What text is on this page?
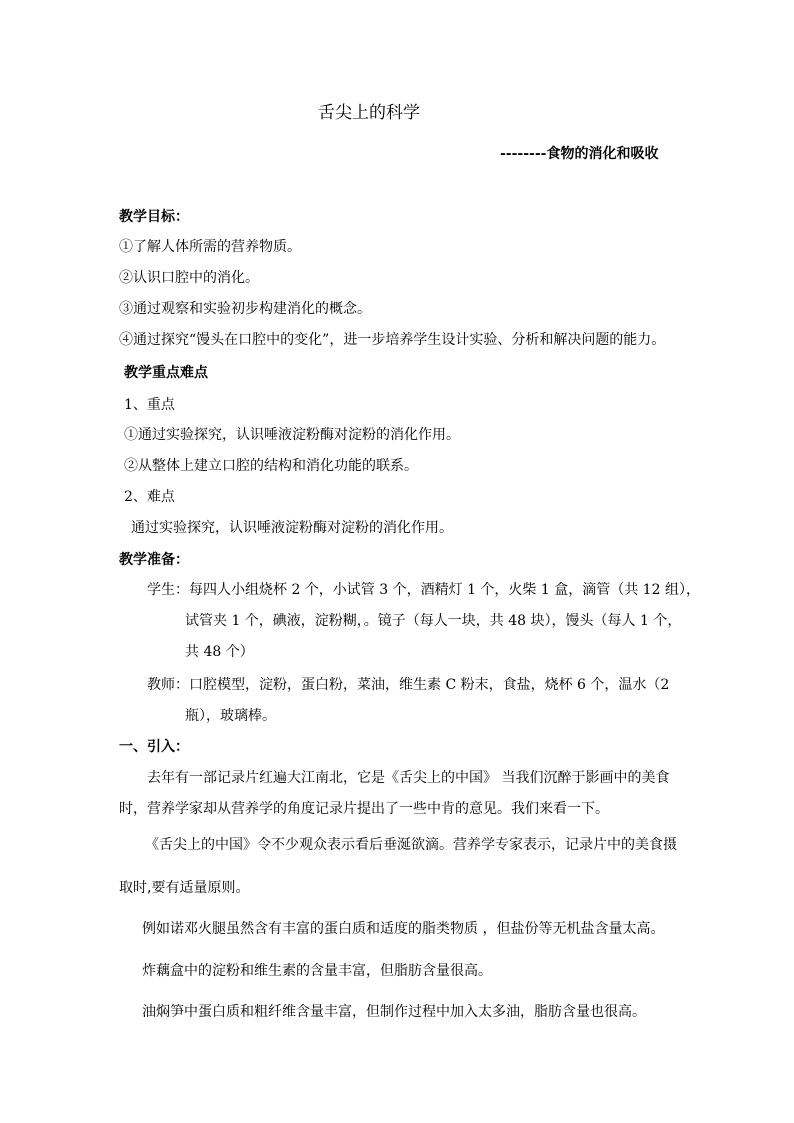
舌尖上的科学
--------食物的消化和吸收
教学目标：
①了解人体所需的营养物质。
②认识口腔中的消化。
③通过观察和实验初步构建消化的概念。
④通过探究“馒头在口腔中的变化”，进一步培养学生设计实验、分析和解决问题的能力。
教学重点难点
1、重点
①通过实验探究，认识唾液淀粉酶对淀粉的消化作用。
②从整体上建立口腔的结构和消化功能的联系。
2、难点
通过实验探究，认识唾液淀粉酶对淀粉的消化作用。
教学准备：
学生：每四人小组烧杯 2 个，小试管 3 个，酒精灯 1 个，火柴 1 盒，滴管（共 12 组），
试管夹 1 个，碘液，淀粉糊，。镜子（每人一块，共 48 块），馒头（每人 1 个，
共 48 个）
教师：口腔模型，淀粉，蛋白粉，菜油，维生素 C 粉末，食盐，烧杯 6 个，温水（2
瓶），玻璃棒。
一、引入：
去年有一部记录片红遍大江南北，它是《舌尖上的中国》 当我们沉醉于影画中的美食
时，营养学家却从营养学的角度记录片提出了一些中肯的意见。我们来看一下。
《舌尖上的中国》令不少观众表示看后垂涎欲滴。营养学专家表示，记录片中的美食摄
取时,要有适量原则。
例如诺邓火腿虽然含有丰富的蛋白质和适度的脂类物质 ，但盐份等无机盐含量太高。
炸藕盒中的淀粉和维生素的含量丰富，但脂肪含量很高。
油焖笋中蛋白质和粗纤维含量丰富，但制作过程中加入太多油，脂肪含量也很高。
